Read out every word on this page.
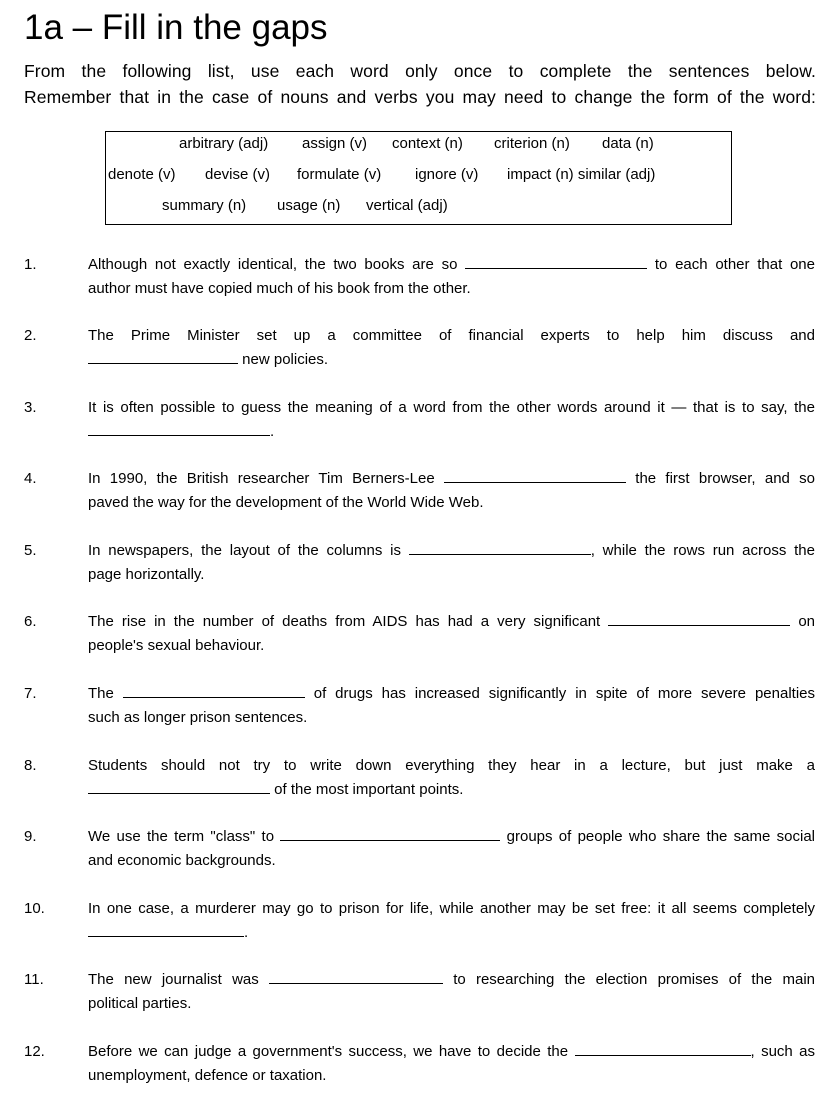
1a – Fill in the gaps
From the following list, use each word only once to complete the sentences below.
Remember that in the case of nouns and verbs you may need to change the form of the word:
arbitrary (adj) assign (v) context (n) criterion (n) data (n)
denote (v) devise (v) formulate (v) ignore (v) impact (n) similar (adj)
summary (n) usage (n) vertical (adj)
1.	Although not exactly identical, the two books are so	to each other that one
author must have copied much of his book from the other.
2.	The Prime Minister set up a committee of financial experts to help him discuss and
new policies.
3.	It is often possible to guess the meaning of a word from the other words around it — that is to say, the
.
4.	In 1990, the British researcher Tim Berners-Lee	the first browser, and so
paved the way for the development of the World Wide Web.
5.	In newspapers, the layout of the columns is	, while the rows run across the
page horizontally.
6.	The rise in the number of deaths from AIDS has had a very significant	on
people's sexual behaviour.
7.	The	of drugs has increased significantly in spite of more severe penalties
such as longer prison sentences.
8.	Students should not try to write down everything they hear in a lecture, but just make a
of the most important points.
9.	We use the term "class" to	groups of people who share the same social
and economic backgrounds.
10.	In one case, a murderer may go to prison for life, while another may be set free: it all seems completely
.
11.	The new journalist was	to researching the election promises of the main
political parties.
12.	Before we can judge a government's success, we have to decide the	, such as
unemployment, defence or taxation.
